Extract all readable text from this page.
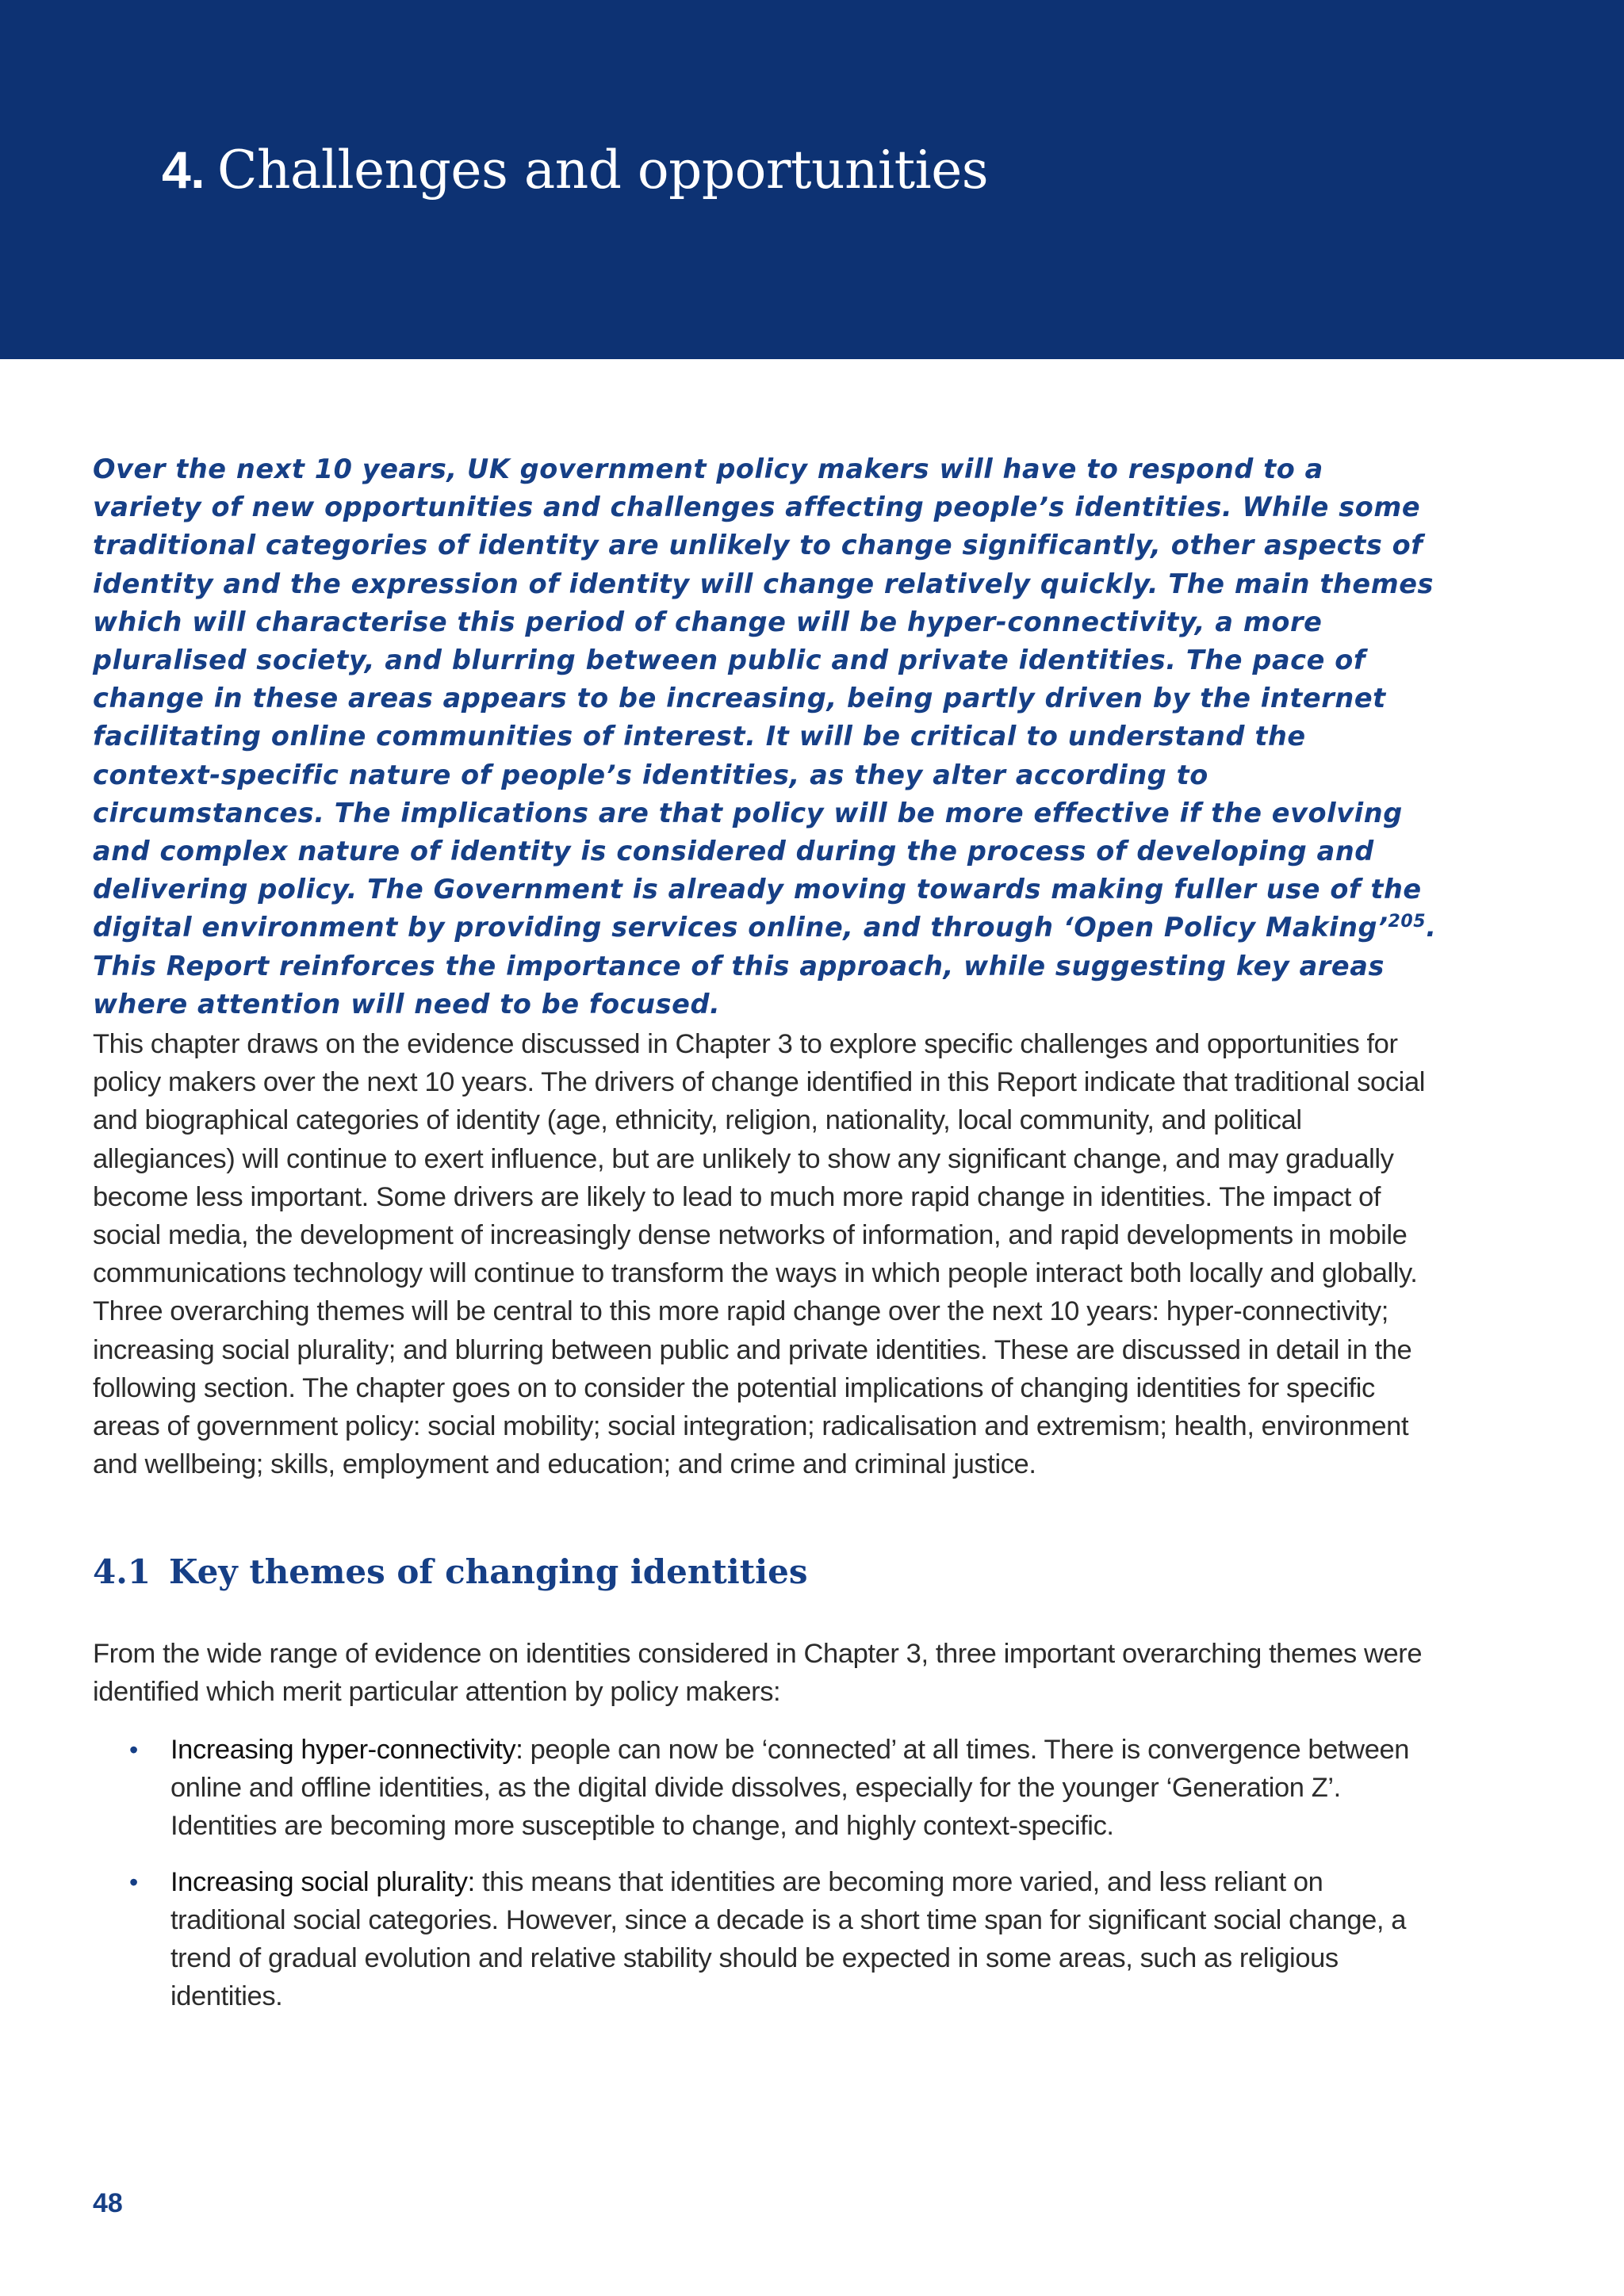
4. Challenges and opportunities

Over the next 10 years, UK government policy makers will have to respond to a variety of new opportunities and challenges affecting people’s identities. While some traditional categories of identity are unlikely to change significantly, other aspects of identity and the expression of identity will change relatively quickly. The main themes which will characterise this period of change will be hyper-connectivity, a more pluralised society, and blurring between public and private identities. The pace of change in these areas appears to be increasing, being partly driven by the internet facilitating online communities of interest. It will be critical to understand the context-specific nature of people’s identities, as they alter according to circumstances. The implications are that policy will be more effective if the evolving and complex nature of identity is considered during the process of developing and delivering policy. The Government is already moving towards making fuller use of the digital environment by providing services online, and through ‘Open Policy Making’$^{205}$. This Report reinforces the importance of this approach, while suggesting key areas where attention will need to be focused.

This chapter draws on the evidence discussed in Chapter 3 to explore specific challenges and opportunities for policy makers over the next 10 years. The drivers of change identified in this Report indicate that traditional social and biographical categories of identity (age, ethnicity, religion, nationality, local community, and political allegiances) will continue to exert influence, but are unlikely to show any significant change, and may gradually become less important. Some drivers are likely to lead to much more rapid change in identities. The impact of social media, the development of increasingly dense networks of information, and rapid developments in mobile communications technology will continue to transform the ways in which people interact both locally and globally. Three overarching themes will be central to this more rapid change over the next 10 years: hyper-connectivity; increasing social plurality; and blurring between public and private identities. These are discussed in detail in the following section. The chapter goes on to consider the potential implications of changing identities for specific areas of government policy: social mobility; social integration; radicalisation and extremism; health, environment and wellbeing; skills, employment and education; and crime and criminal justice.

4.1 Key themes of changing identities

From the wide range of evidence on identities considered in Chapter 3, three important overarching themes were identified which merit particular attention by policy makers:

• Increasing hyper-connectivity: people can now be ‘connected’ at all times. There is convergence between online and offline identities, as the digital divide dissolves, especially for the younger ‘Generation Z’. Identities are becoming more susceptible to change, and highly context-specific.
• Increasing social plurality: this means that identities are becoming more varied, and less reliant on traditional social categories. However, since a decade is a short time span for significant social change, a trend of gradual evolution and relative stability should be expected in some areas, such as religious identities.

48
